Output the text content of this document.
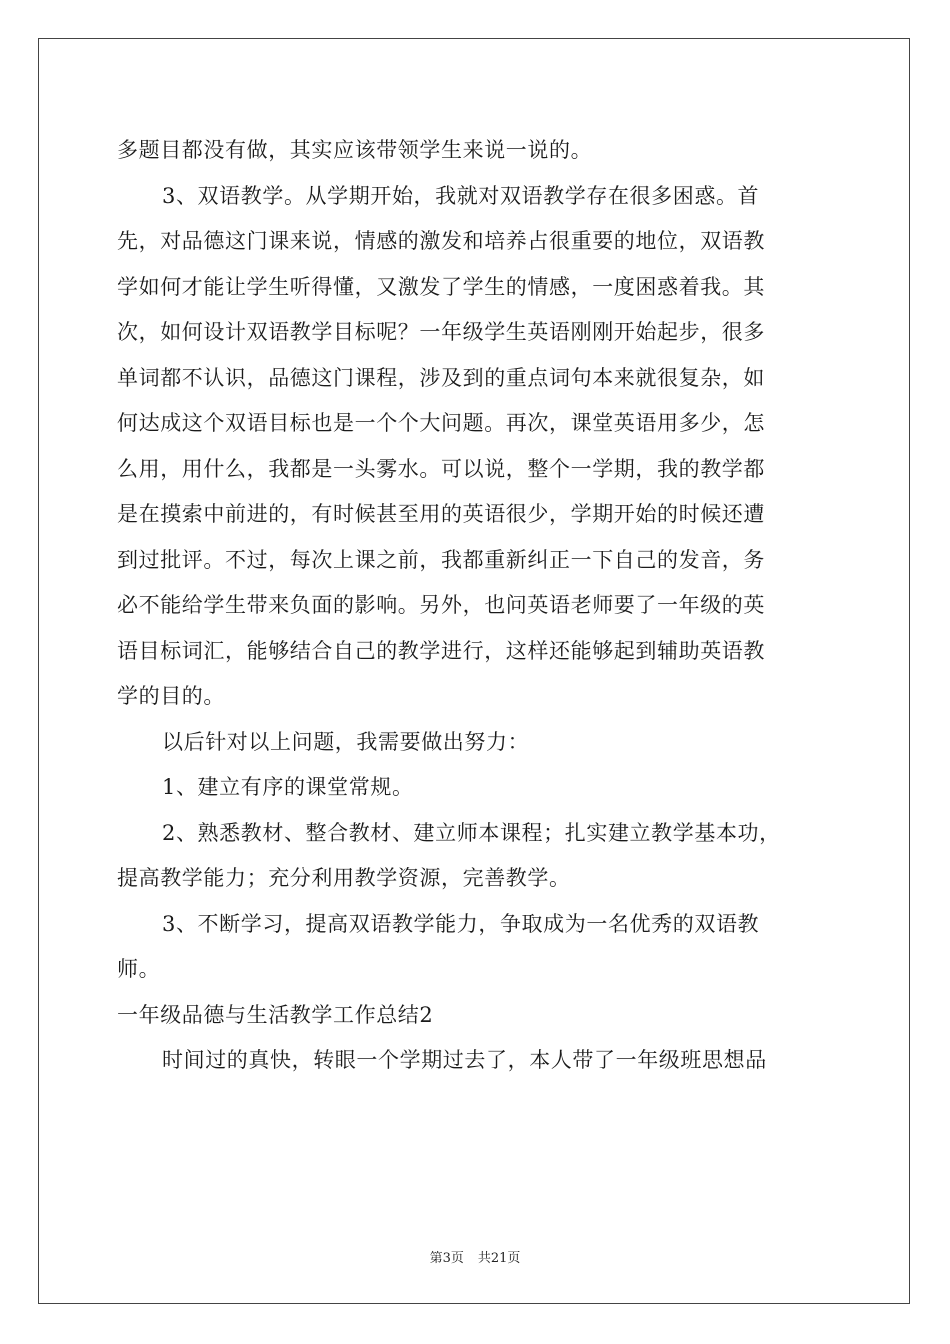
多题目都没有做，其实应该带领学生来说一说的。
3、双语教学。从学期开始，我就对双语教学存在很多困惑。首
先，对品德这门课来说，情感的激发和培养占很重要的地位，双语教
学如何才能让学生听得懂，又激发了学生的情感，一度困惑着我。其
次，如何设计双语教学目标呢？一年级学生英语刚刚开始起步，很多
单词都不认识，品德这门课程，涉及到的重点词句本来就很复杂，如
何达成这个双语目标也是一个个大问题。再次，课堂英语用多少，怎
么用，用什么，我都是一头雾水。可以说，整个一学期，我的教学都
是在摸索中前进的，有时候甚至用的英语很少，学期开始的时候还遭
到过批评。不过，每次上课之前，我都重新纠正一下自己的发音，务
必不能给学生带来负面的影响。另外，也问英语老师要了一年级的英
语目标词汇，能够结合自己的教学进行，这样还能够起到辅助英语教
学的目的。
以后针对以上问题，我需要做出努力：
1、建立有序的课堂常规。
2、熟悉教材、整合教材、建立师本课程；扎实建立教学基本功，
提高教学能力；充分利用教学资源，完善教学。
3、不断学习，提高双语教学能力，争取成为一名优秀的双语教
师。
一年级品德与生活教学工作总结2
时间过的真快，转眼一个学期过去了，本人带了一年级班思想品
第3页 共21页
